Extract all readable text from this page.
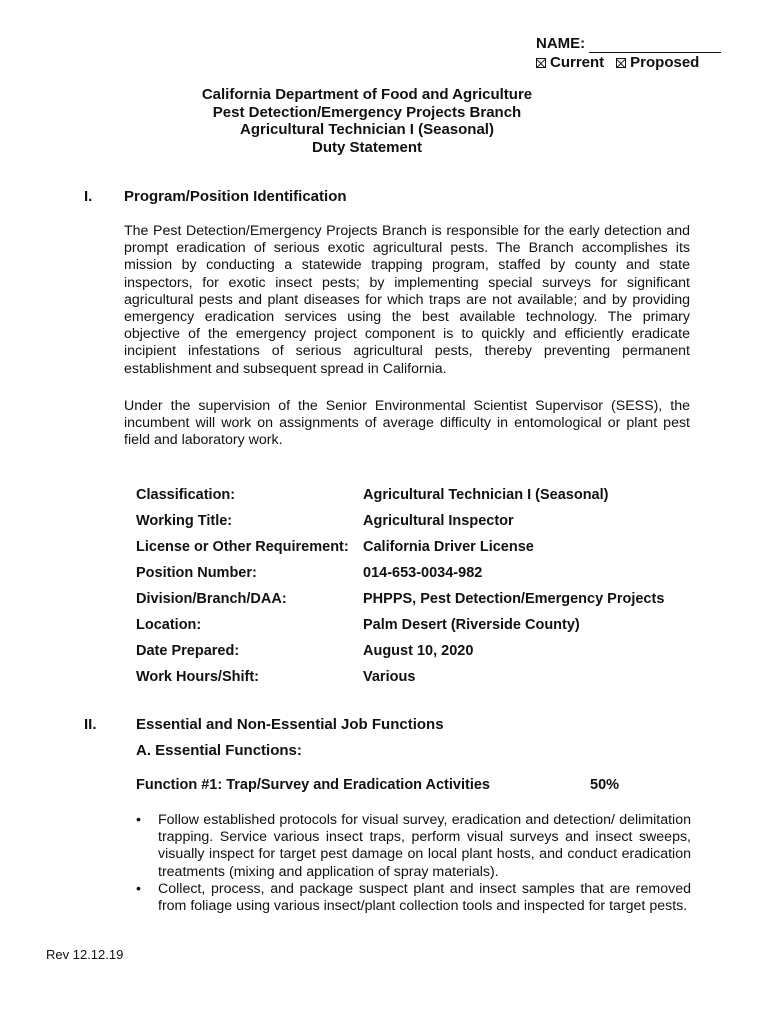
NAME:
Current Proposed
California Department of Food and Agriculture
Pest Detection/Emergency Projects Branch
Agricultural Technician I (Seasonal)
Duty Statement
I. Program/Position Identification

The Pest Detection/Emergency Projects Branch is responsible for the early detection and prompt eradication of serious exotic agricultural pests. The Branch accomplishes its mission by conducting a statewide trapping program, staffed by county and state inspectors, for exotic insect pests; by implementing special surveys for significant agricultural pests and plant diseases for which traps are not available; and by providing emergency eradication services using the best available technology. The primary objective of the emergency project component is to quickly and efficiently eradicate incipient infestations of serious agricultural pests, thereby preventing permanent establishment and subsequent spread in California.

Under the supervision of the Senior Environmental Scientist Supervisor (SESS), the incumbent will work on assignments of average difficulty in entomological or plant pest field and laboratory work.

Classification:	Agricultural Technician I (Seasonal)
Working Title:	Agricultural Inspector
License or Other Requirement: California Driver License
Position Number:	014-653-0034-982
Division/Branch/DAA:	PHPPS, Pest Detection/Emergency Projects
Location:	Palm Desert (Riverside County)
Date Prepared:	August 10, 2020
Work Hours/Shift:	Various
II.	Essential and Non-Essential Job Functions
A. Essential Functions:
Function #1: Trap/Survey and Eradication Activities	50%
• Follow established protocols for visual survey, eradication and detection/ delimitation trapping. Service various insect traps, perform visual surveys and insect sweeps, visually inspect for target pest damage on local plant hosts, and conduct eradication treatments (mixing and application of spray materials).
• Collect, process, and package suspect plant and insect samples that are removed from foliage using various insect/plant collection tools and inspected for target pests.
Rev 12.12.19
